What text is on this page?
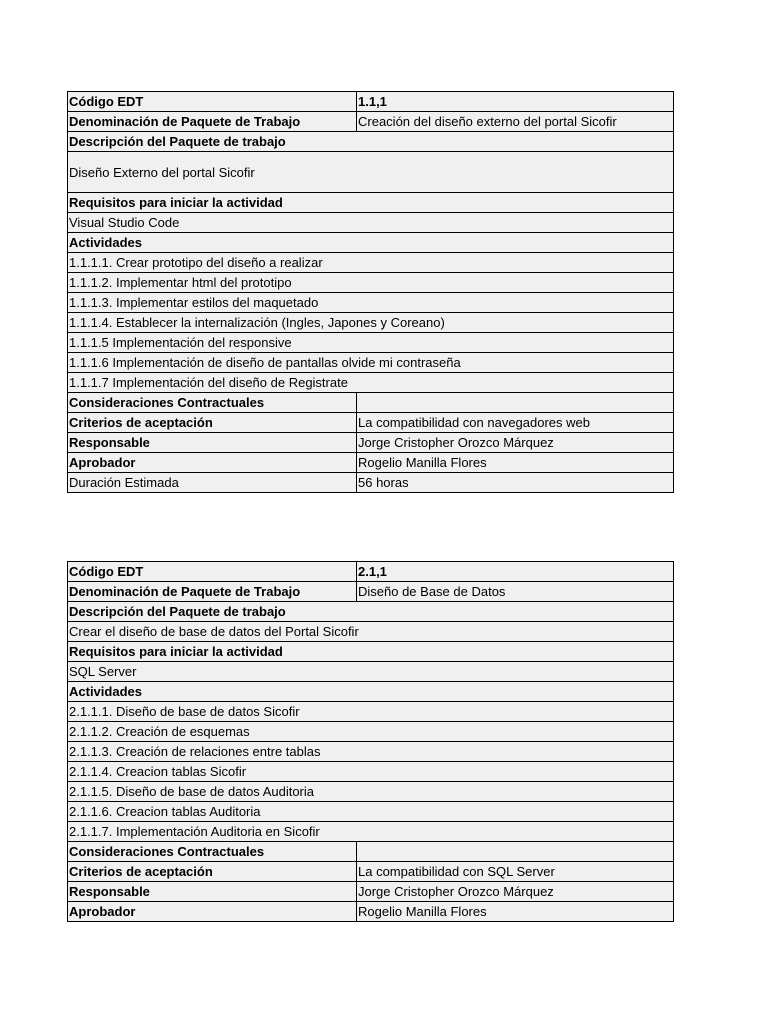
Código EDT	1.1,1
Denominación de Paquete de Trabajo	Creación del diseño externo del portal Sicofir
Descripción del Paquete de trabajo	
Diseño Externo del portal Sicofir	
Requisitos para iniciar la actividad	
Visual Studio Code	
Actividades	
1.1.1.1. Crear prototipo del diseño a realizar	
1.1.1.2. Implementar html del prototipo	
1.1.1.3. Implementar estilos del maquetado	
1.1.1.4. Establecer la internalización (Ingles, Japones y Coreano)	
1.1.1.5 Implementación del responsive	
1.1.1.6 Implementación de diseño de pantallas olvide mi contraseña	
1.1.1.7 Implementación del diseño de Registrate	
Consideraciones Contractuales	
Criterios de aceptación	La compatibilidad con navegadores web
Responsable	Jorge Cristopher Orozco Márquez
Aprobador	Rogelio Manilla Flores
Duración Estimada	56 horas
Código EDT	2.1,1
Denominación de Paquete de Trabajo	Diseño de Base de Datos
Descripción del Paquete de trabajo	
Crear el diseño de base de datos del Portal Sicofir	
Requisitos para iniciar la actividad	
SQL Server	
Actividades	
2.1.1.1. Diseño de base de datos Sicofir	
2.1.1.2. Creación de esquemas	
2.1.1.3. Creación de relaciones entre tablas	
2.1.1.4. Creacion tablas Sicofir	
2.1.1.5. Diseño de base de datos Auditoria	
2.1.1.6. Creacion tablas Auditoria	
2.1.1.7. Implementación Auditoria en Sicofir	
Consideraciones Contractuales	
Criterios de aceptación	La compatibilidad con SQL Server
Responsable	Jorge Cristopher Orozco Márquez
Aprobador	Rogelio Manilla Flores
